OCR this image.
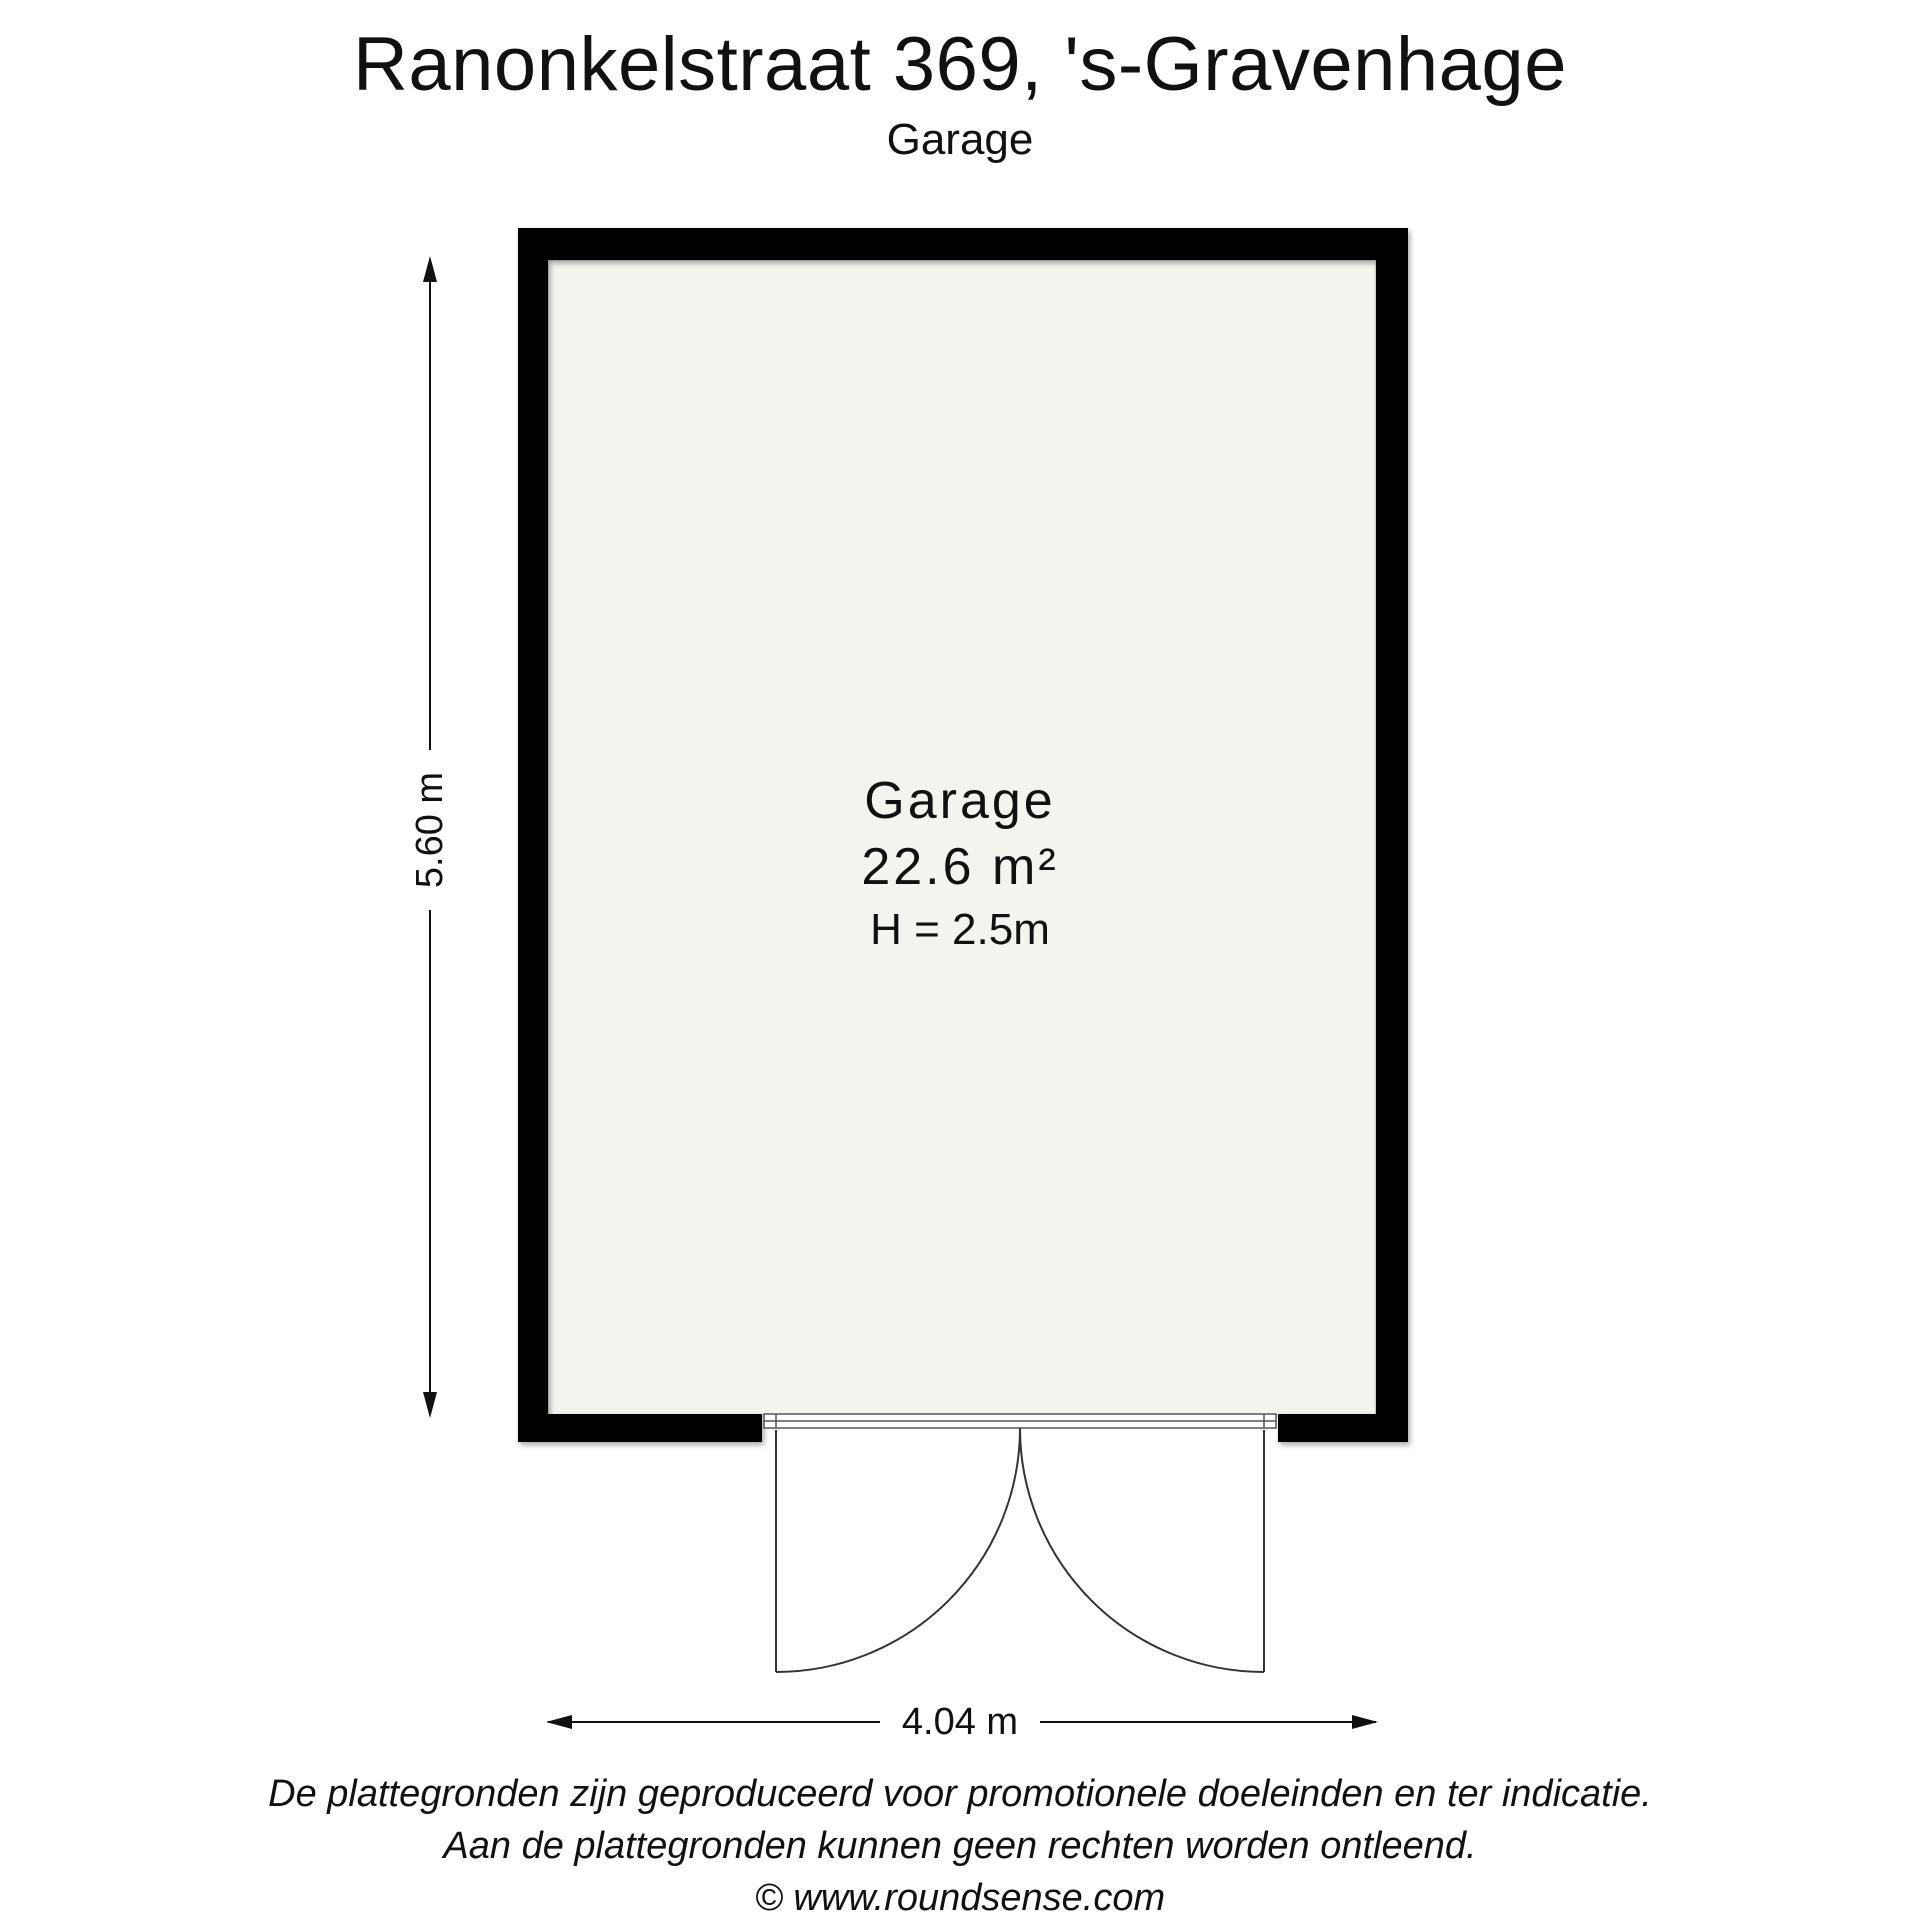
Ranonkelstraat 369, 's-Gravenhage
Garage
Garage
22.6 m²
H = 2.5m
4.04 m
5.60 m
De plattegronden zijn geproduceerd voor promotionele doeleinden en ter indicatie.
Aan de plattegronden kunnen geen rechten worden ontleend.
© www.roundsense.com
